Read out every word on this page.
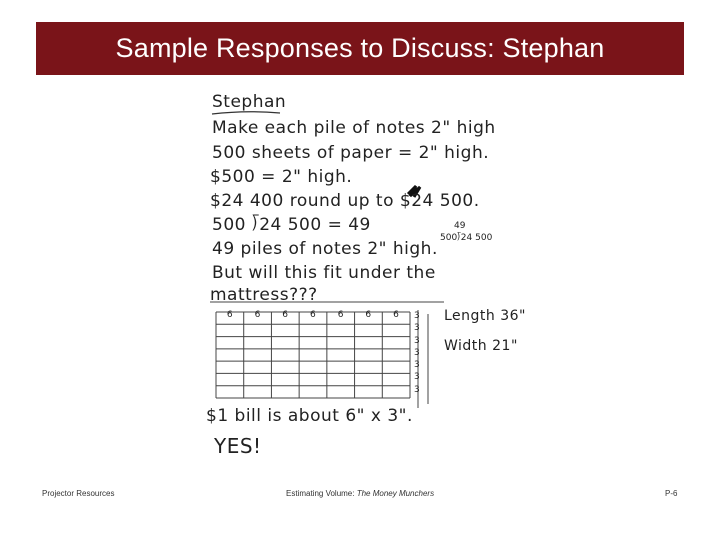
Sample Responses to Discuss: Stephan
Stephan
Make each pile of notes 2" high
500 sheets of paper = 2" high.
$500 = 2" high.
$24 400 round up to $24 500.
500 ⟌24 500 = 49	49
500⟌24 500
49 piles of notes 2" high.
But will this fit under the
mattress???
6 6 6 6 6 6 6 3
3
3
3
3
3
3
Length 36"
Width 21"
$1 bill is about 6" x 3".
YES!
Projector Resources	Estimating Volume: The Money Munchers	P-6
